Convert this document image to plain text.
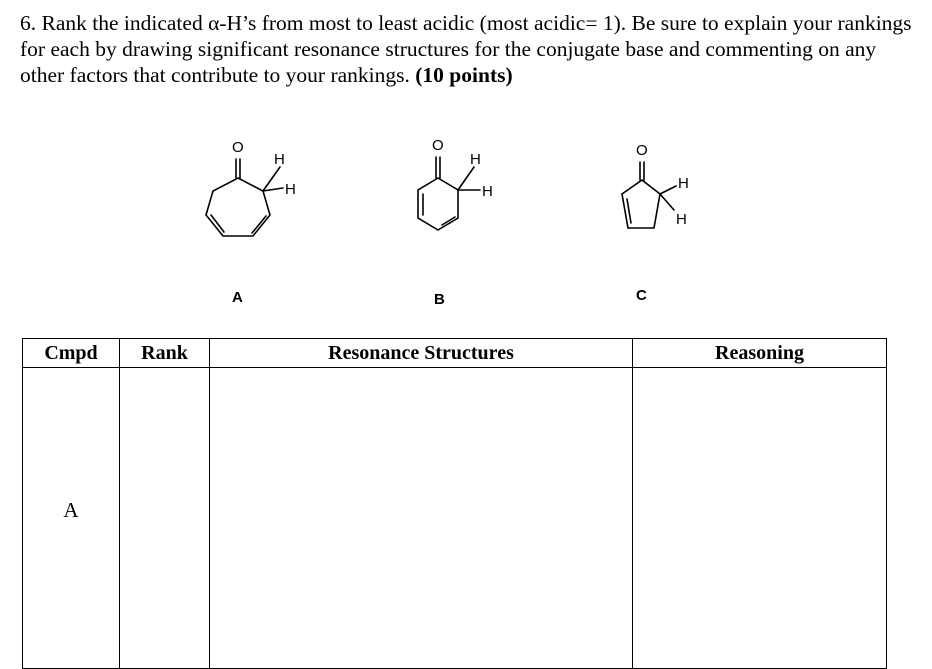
6. Rank the indicated α-H’s from most to least acidic (most acidic= 1). Be sure to explain your rankings for each by drawing significant resonance structures for the conjugate base and commenting on any other factors that contribute to your rankings. (10 points)

O
H
H
A
O
H
H
B
O
H
H
C
Cmpd	Rank	Resonance Structures	Reasoning
A			
